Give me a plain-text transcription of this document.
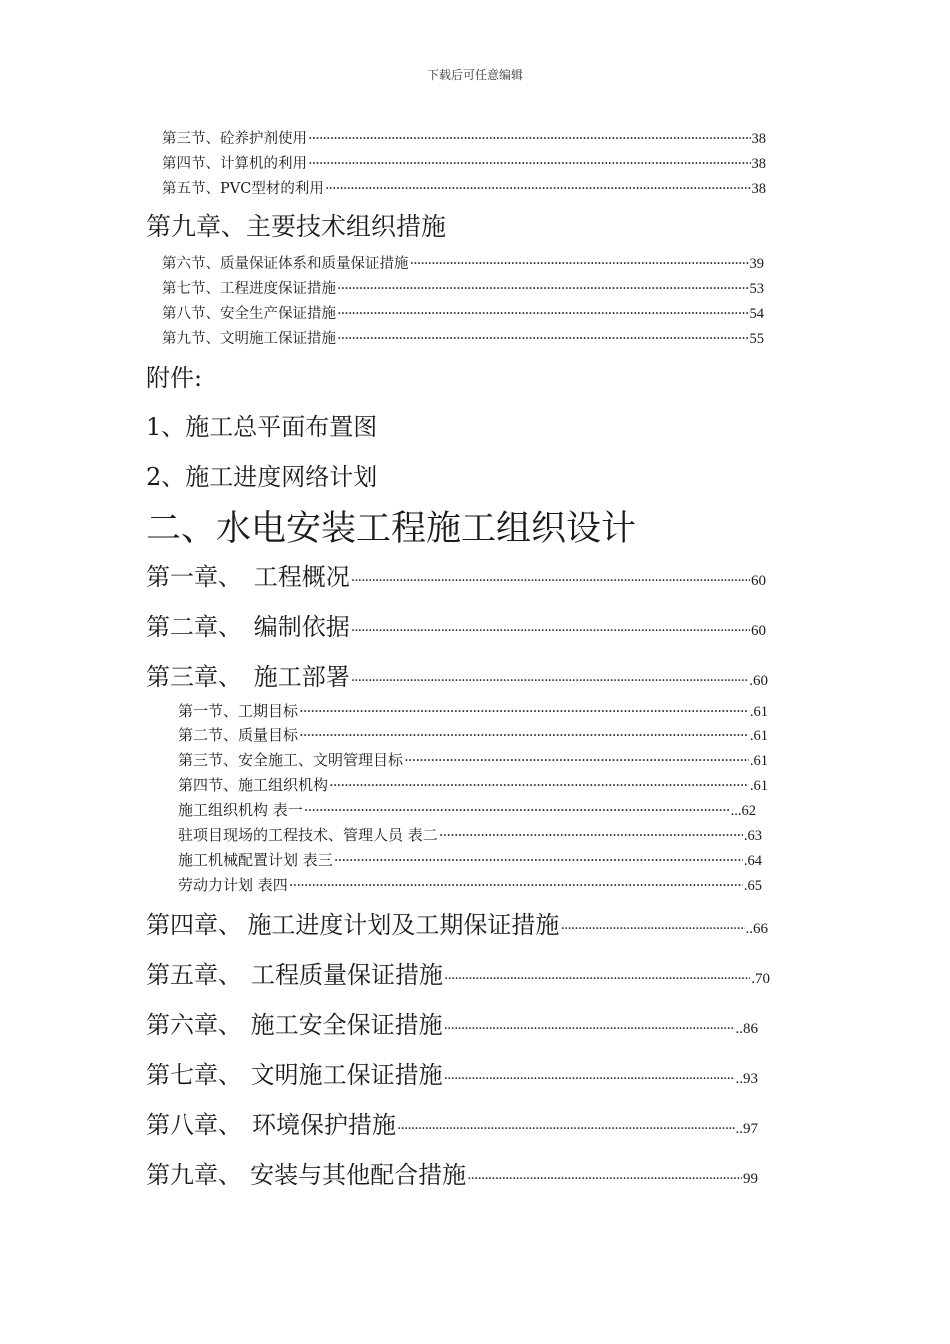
下载后可任意编辑
第三节、砼养护剂使用 ·····	38
第四节、计算机的利用 ·····	38
第五节、PVC型材的利用 ·····	38
第九章、主要技术组织措施
第六节、质量保证体系和质量保证措施 ·····	39
第七节、工程进度保证措施 ·····	53
第八节、安全生产保证措施 ·····	54
第九节、文明施工保证措施 ·····	55
附件:
1、施工总平面布置图
2、施工进度网络计划
二、水电安装工程施工组织设计
第一章、 工程概况 ·····	60
第二章、 编制依据 ·····	60
第三章、 施工部署 ·····	.60
第一节、工期目标 ·····	.61
第二节、质量目标 ·····	.61
第三节、安全施工、文明管理目标 ·····	.61
第四节、施工组织机构 ·····	.61
施工组织机构 表一 ·····	...62
驻项目现场的工程技术、管理人员 表二 ·····	.63
施工机械配置计划 表三 ·····	.64
劳动力计划 表四 ·····	.65
第四章、 施工进度计划及工期保证措施 ·····	..66
第五章、 工程质量保证措施 ·····	.70
第六章、 施工安全保证措施 ·····	..86
第七章、 文明施工保证措施 ·····	..93
第八章、 环境保护措施 ·····	..97
第九章、 安装与其他配合措施 ·····	99
